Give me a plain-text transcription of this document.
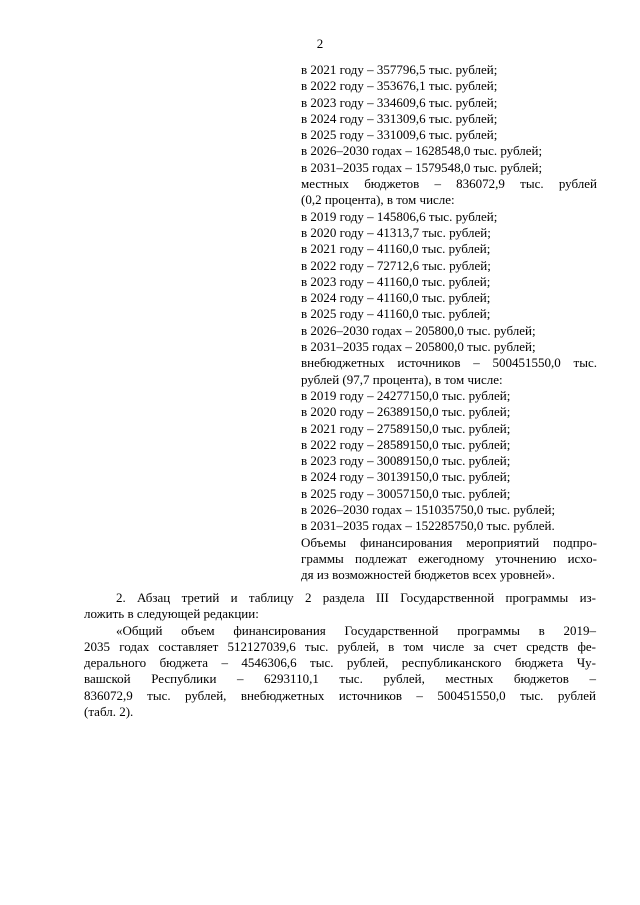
2
в 2021 году – 357796,5 тыс. рублей;
в 2022 году – 353676,1 тыс. рублей;
в 2023 году – 334609,6 тыс. рублей;
в 2024 году – 331309,6 тыс. рублей;
в 2025 году – 331009,6 тыс. рублей;
в 2026–2030 годах – 1628548,0 тыс. рублей;
в 2031–2035 годах – 1579548,0 тыс. рублей;
местных бюджетов – 836072,9 тыс. рублей
(0,2 процента), в том числе:
в 2019 году – 145806,6 тыс. рублей;
в 2020 году – 41313,7 тыс. рублей;
в 2021 году – 41160,0 тыс. рублей;
в 2022 году – 72712,6 тыс. рублей;
в 2023 году – 41160,0 тыс. рублей;
в 2024 году – 41160,0 тыс. рублей;
в 2025 году – 41160,0 тыс. рублей;
в 2026–2030 годах – 205800,0 тыс. рублей;
в 2031–2035 годах – 205800,0 тыс. рублей;
внебюджетных источников – 500451550,0 тыс.
рублей (97,7 процента), в том числе:
в 2019 году – 24277150,0 тыс. рублей;
в 2020 году – 26389150,0 тыс. рублей;
в 2021 году – 27589150,0 тыс. рублей;
в 2022 году – 28589150,0 тыс. рублей;
в 2023 году – 30089150,0 тыс. рублей;
в 2024 году – 30139150,0 тыс. рублей;
в 2025 году – 30057150,0 тыс. рублей;
в 2026–2030 годах – 151035750,0 тыс. рублей;
в 2031–2035 годах – 152285750,0 тыс. рублей.
Объемы финансирования мероприятий подпро-
граммы подлежат ежегодному уточнению исхо-
дя из возможностей бюджетов всех уровней».
2. Абзац третий и таблицу 2 раздела III Государственной программы из-
ложить в следующей редакции:
«Общий объем финансирования Государственной программы в 2019–
2035 годах составляет 512127039,6 тыс. рублей, в том числе за счет средств фе-
дерального бюджета – 4546306,6 тыс. рублей, республиканского бюджета Чу-
вашской Республики – 6293110,1 тыс. рублей, местных бюджетов –
836072,9 тыс. рублей, внебюджетных источников – 500451550,0 тыс. рублей
(табл. 2).
